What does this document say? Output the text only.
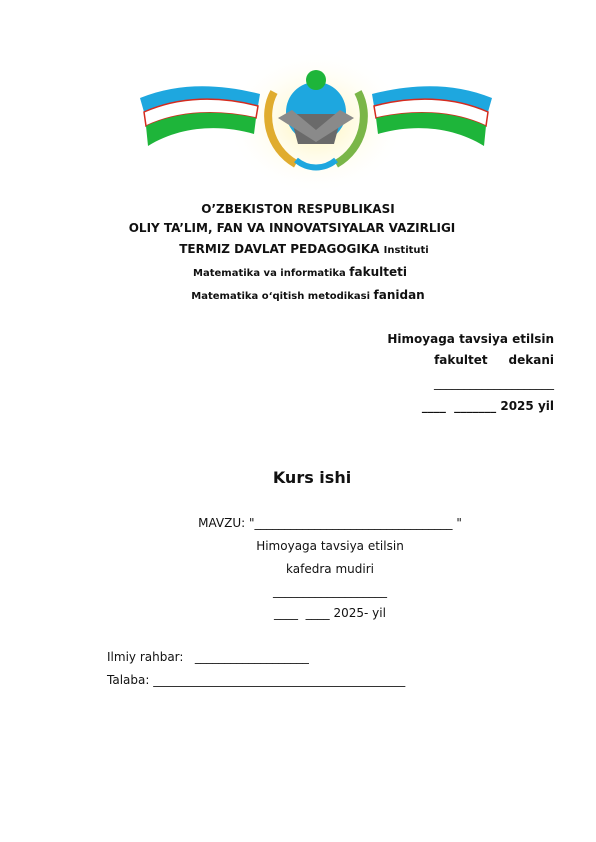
O’ZBEKISTON RESPUBLIKASI
OLIY TA’LIM, FAN VA INNOVATSIYALAR VAZIRLIGI
TERMIZ DAVLAT PEDAGOGIKA Instituti
Matematika va informatika fakulteti
Matematika o‘qitish metodikasi fanidan
Himoyaga tavsiya etilsin
fakultet     dekani
____________________
____  _______ 2025 yil
Kurs ishi
MAVZU: "_________________________________ "
Himoyaga tavsiya etilsin
kafedra mudiri
___________________
____  ____ 2025- yil
Ilmiy rahbar:   ___________________
Talaba: __________________________________________
